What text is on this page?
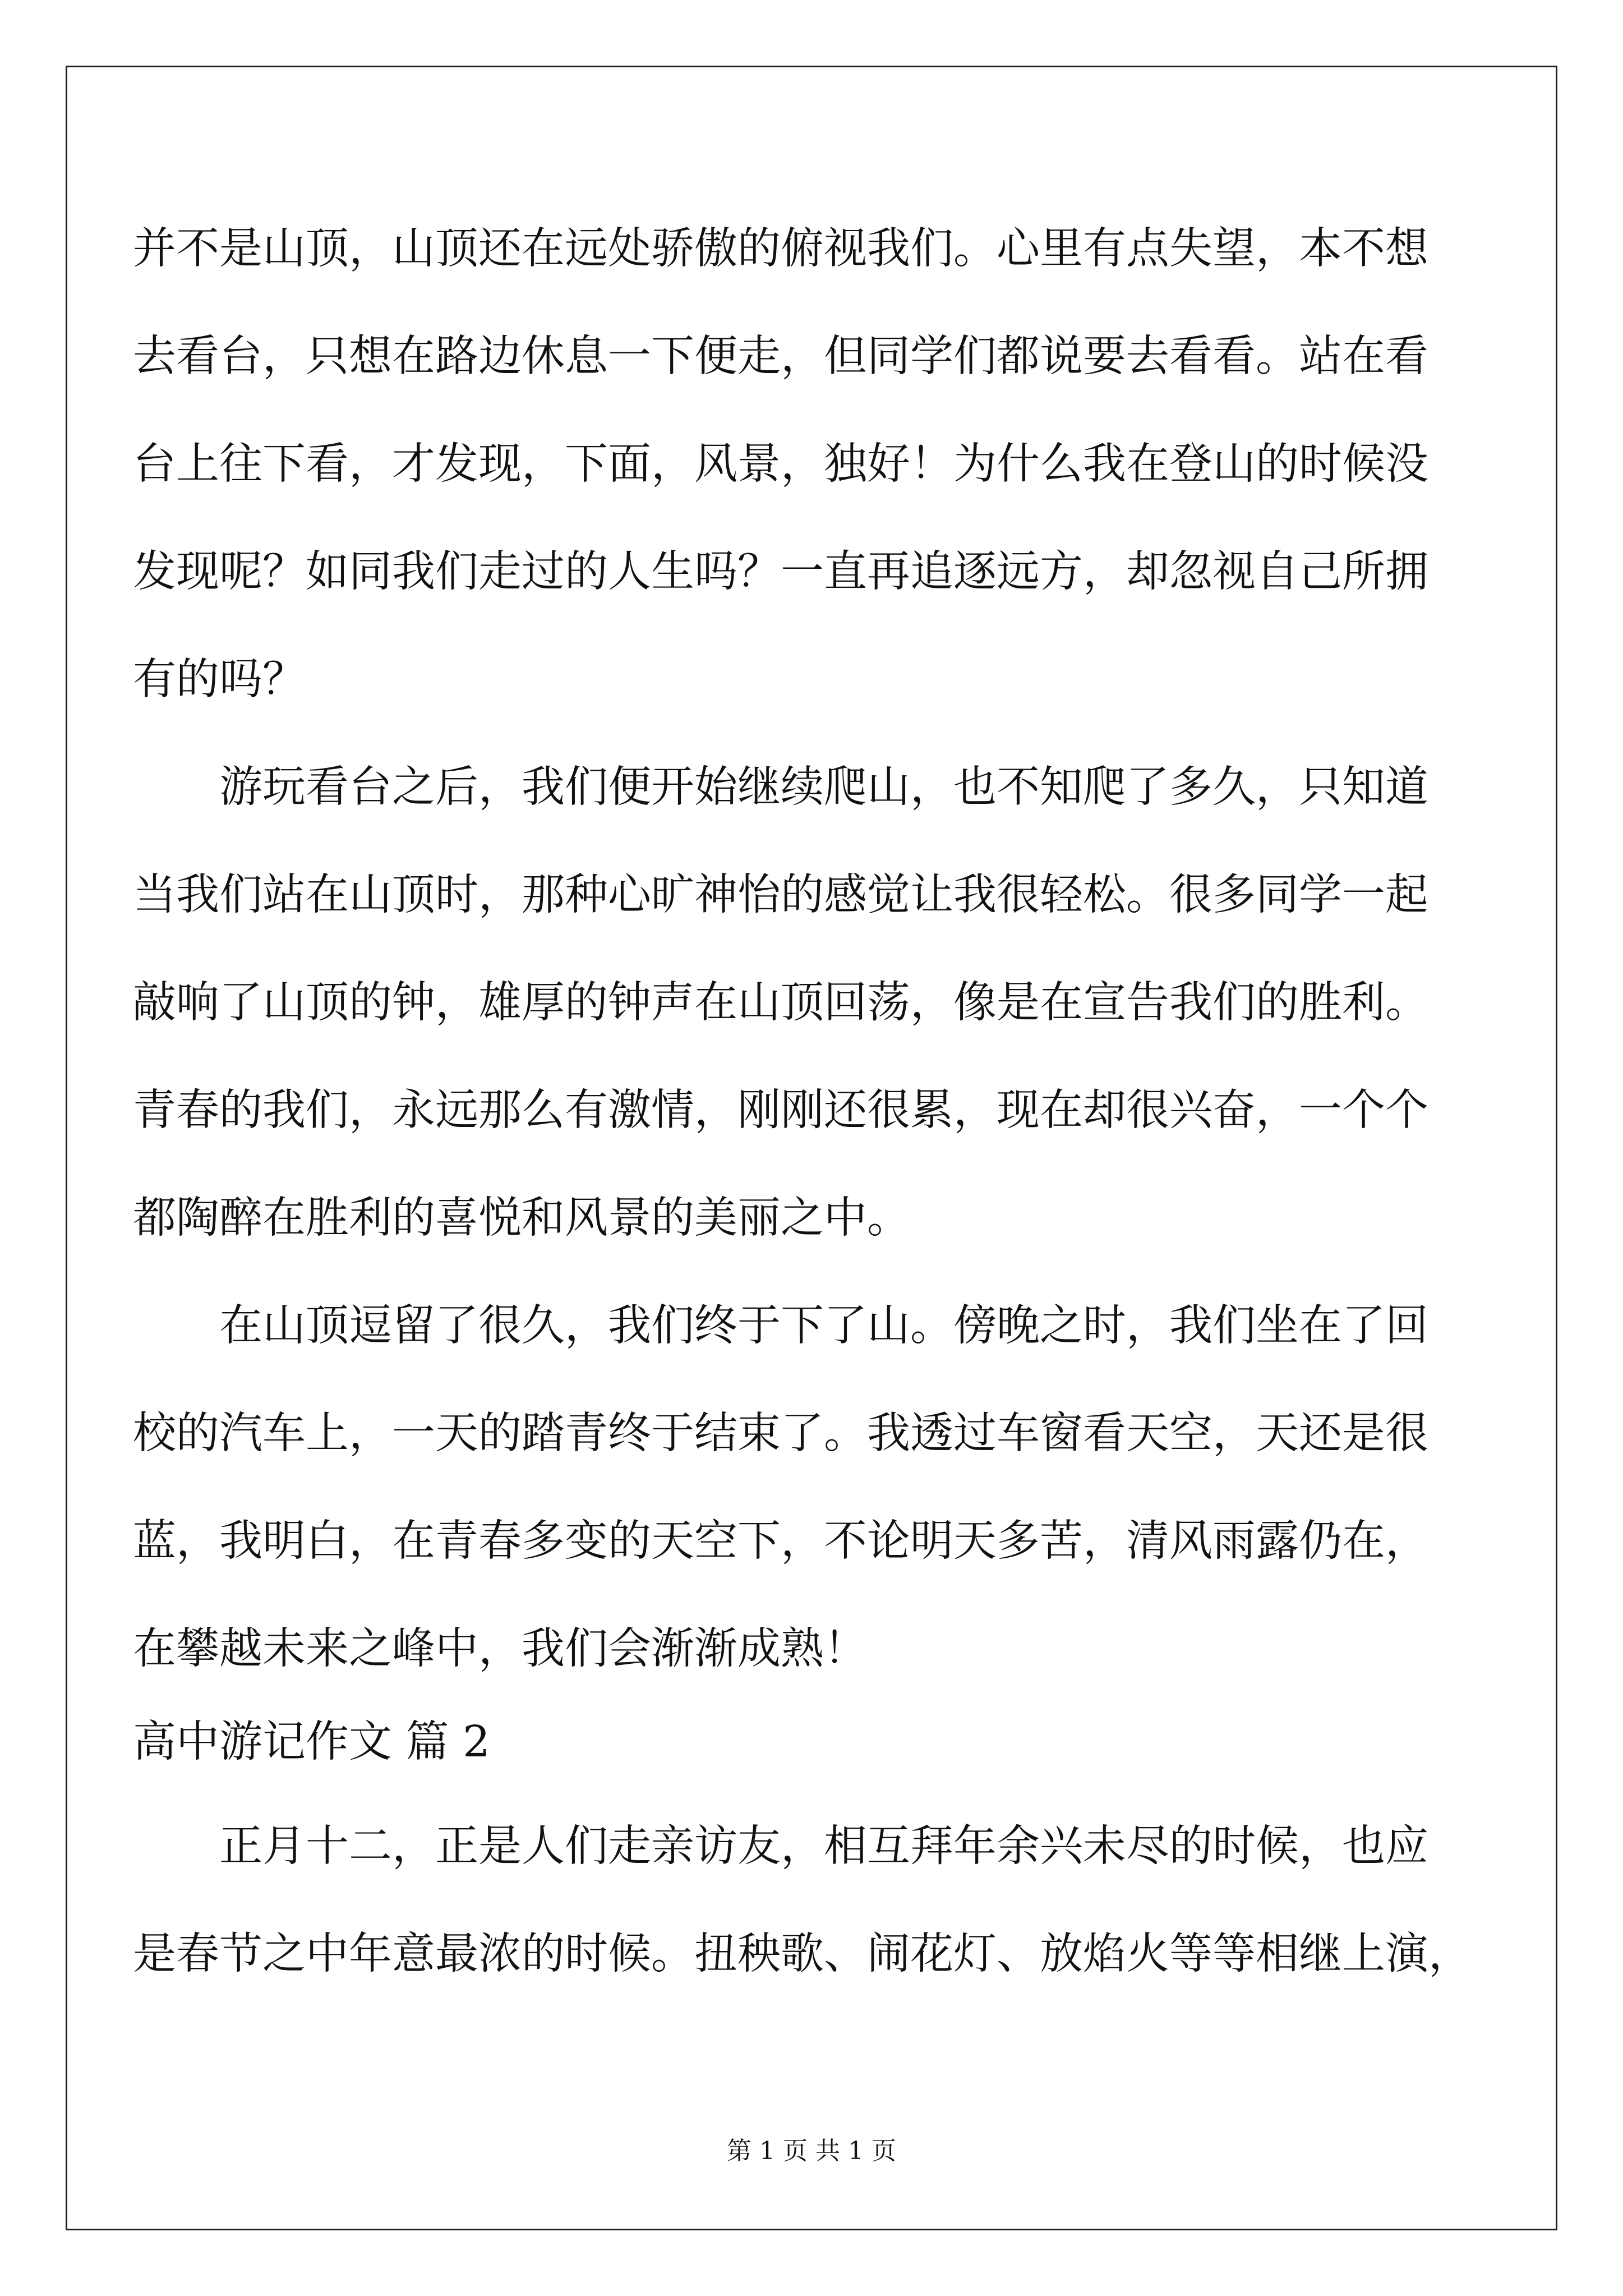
并不是山顶，山顶还在远处骄傲的俯视我们。心里有点失望，本不想
去看台，只想在路边休息一下便走，但同学们都说要去看看。站在看
台上往下看，才发现，下面，风景，独好！为什么我在登山的时候没
发现呢？如同我们走过的人生吗？一直再追逐远方，却忽视自己所拥
有的吗？
游玩看台之后，我们便开始继续爬山，也不知爬了多久，只知道
当我们站在山顶时，那种心旷神怡的感觉让我很轻松。很多同学一起
敲响了山顶的钟，雄厚的钟声在山顶回荡，像是在宣告我们的胜利。
青春的我们，永远那么有激情，刚刚还很累，现在却很兴奋，一个个
都陶醉在胜利的喜悦和风景的美丽之中。
在山顶逗留了很久，我们终于下了山。傍晚之时，我们坐在了回
校的汽车上，一天的踏青终于结束了。我透过车窗看天空，天还是很
蓝，我明白，在青春多变的天空下，不论明天多苦，清风雨露仍在，
在攀越未来之峰中，我们会渐渐成熟！
高中游记作文 篇 2
正月十二，正是人们走亲访友，相互拜年余兴未尽的时候，也应
是春节之中年意最浓的时候。扭秧歌、闹花灯、放焰火等等相继上演，
第 1 页 共 1 页
